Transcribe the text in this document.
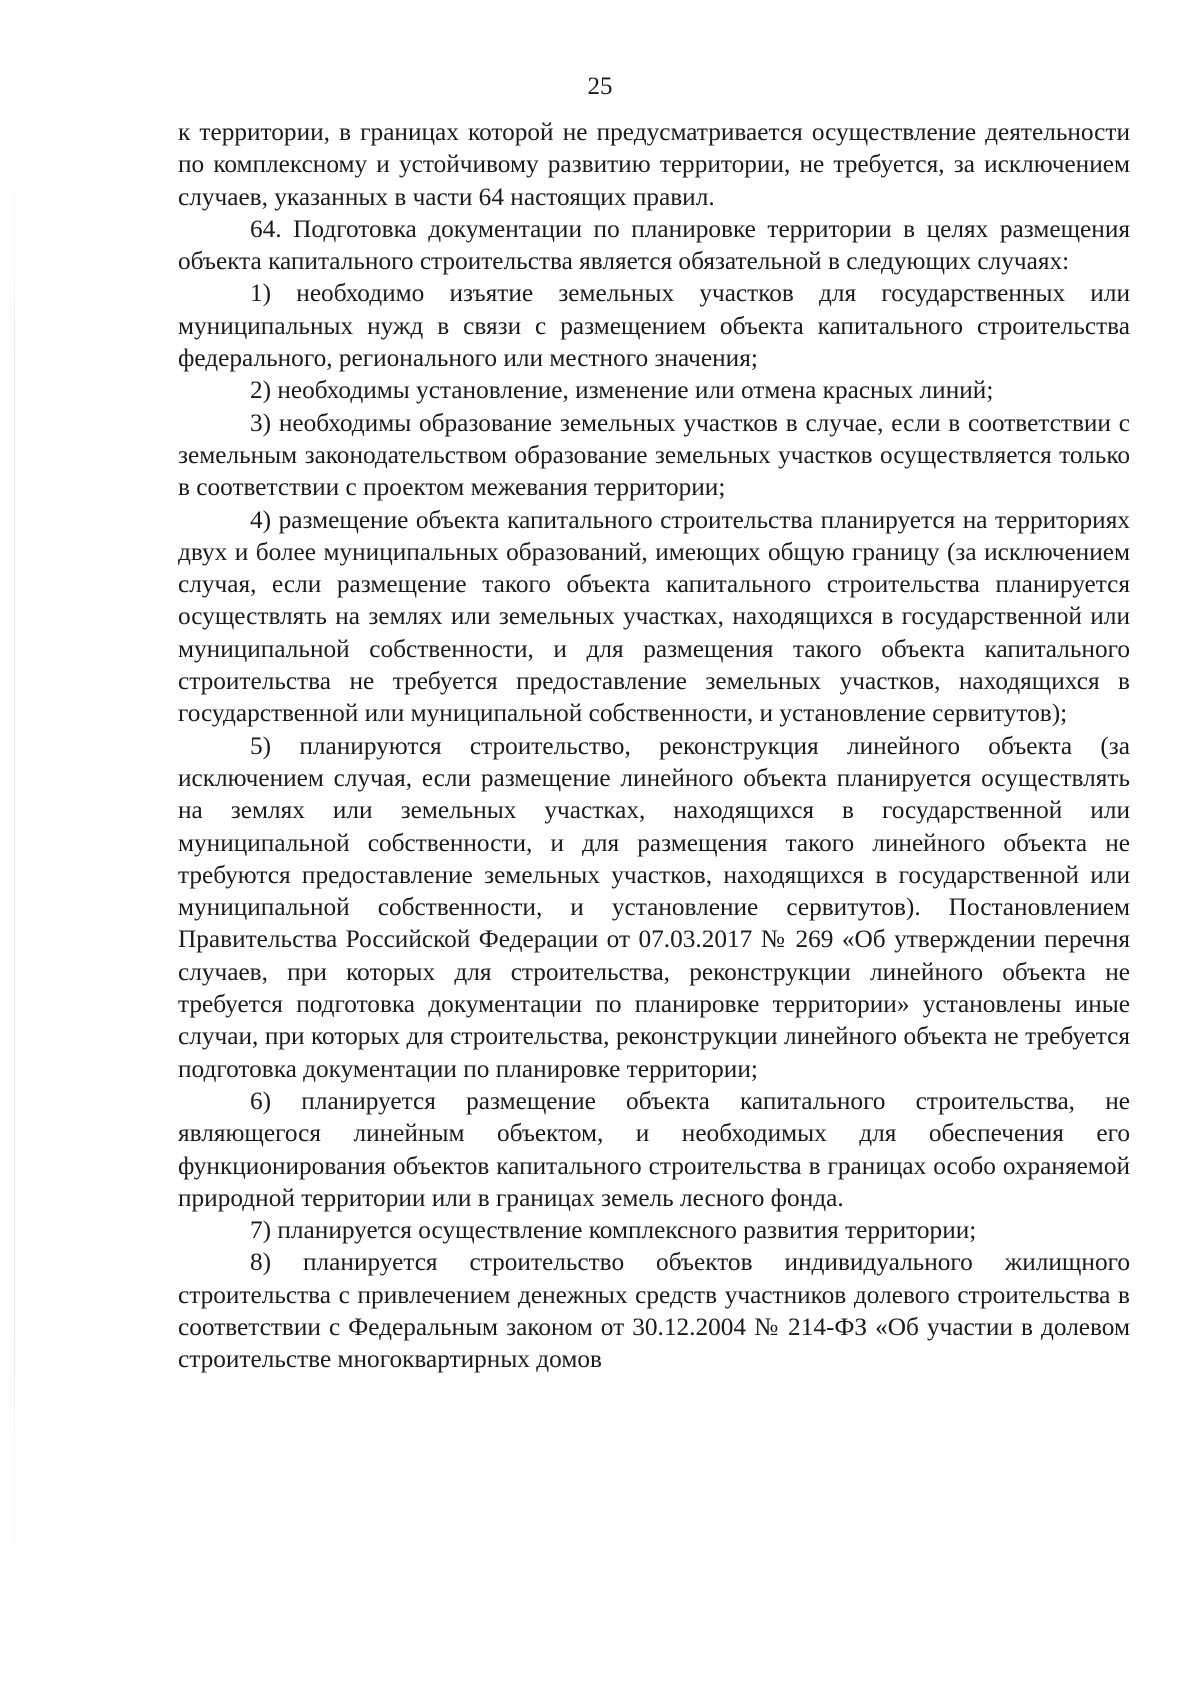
25

к территории, в границах которой не предусматривается осуществление деятельности по комплексному и устойчивому развитию территории, не требуется, за исключением случаев, указанных в части 64 настоящих правил.

64. Подготовка документации по планировке территории в целях размещения объекта капитального строительства является обязательной в следующих случаях:

1) необходимо изъятие земельных участков для государственных или муниципальных нужд в связи с размещением объекта капитального строительства федерального, регионального или местного значения;

2) необходимы установление, изменение или отмена красных линий;

3) необходимы образование земельных участков в случае, если в соответствии с земельным законодательством образование земельных участков осуществляется только в соответствии с проектом межевания территории;

4) размещение объекта капитального строительства планируется на территориях двух и более муниципальных образований, имеющих общую границу (за исключением случая, если размещение такого объекта капитального строительства планируется осуществлять на землях или земельных участках, находящихся в государственной или муниципальной собственности, и для размещения такого объекта капитального строительства не требуется предоставление земельных участков, находящихся в государственной или муниципальной собственности, и установление сервитутов);

5) планируются строительство, реконструкция линейного объекта (за исключением случая, если размещение линейного объекта планируется осуществлять на землях или земельных участках, находящихся в государственной или муниципальной собственности, и для размещения такого линейного объекта не требуются предоставление земельных участков, находящихся в государственной или муниципальной собственности, и установление сервитутов). Постановлением Правительства Российской Федерации от 07.03.2017 № 269 «Об утверждении перечня случаев, при которых для строительства, реконструкции линейного объекта не требуется подготовка документации по планировке территории» установлены иные случаи, при которых для строительства, реконструкции линейного объекта не требуется подготовка документации по планировке территории;

6) планируется размещение объекта капитального строительства, не являющегося линейным объектом, и необходимых для обеспечения его функционирования объектов капитального строительства в границах особо охраняемой природной территории или в границах земель лесного фонда.

7) планируется осуществление комплексного развития территории;

8) планируется строительство объектов индивидуального жилищного строительства с привлечением денежных средств участников долевого строительства в соответствии с Федеральным законом от 30.12.2004 № 214-ФЗ «Об участии в долевом строительстве многоквартирных домов
